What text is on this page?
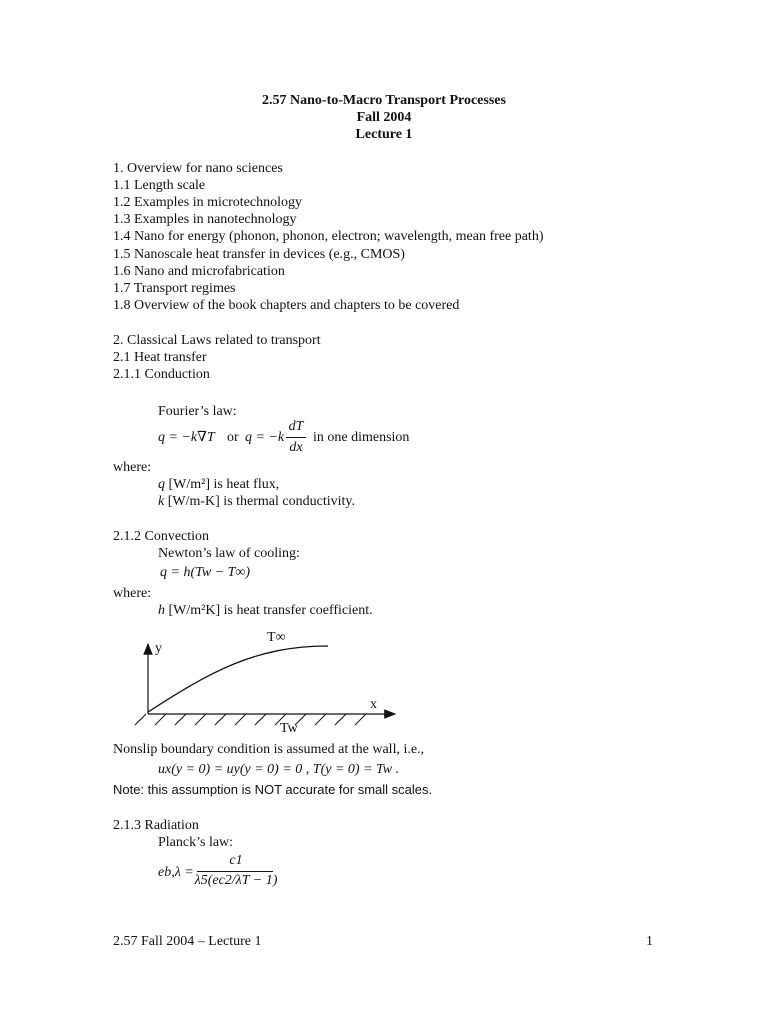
2.57 Nano-to-Macro Transport Processes
Fall 2004
Lecture 1
1. Overview for nano sciences
1.1 Length scale
1.2 Examples in microtechnology
1.3 Examples in nanotechnology
1.4 Nano for energy (phonon, phonon, electron; wavelength, mean free path)
1.5 Nanoscale heat transfer in devices (e.g., CMOS)
1.6 Nano and microfabrication
1.7 Transport regimes
1.8 Overview of the book chapters and chapters to be covered
2. Classical Laws related to transport
2.1 Heat transfer
2.1.1 Conduction
Fourier’s law:
q = −k∇T or q = −k
dT
dx
in one dimension
where:
q [W/m²] is heat flux,
k [W/m-K] is thermal conductivity.
2.1.2 Convection
Newton’s law of cooling:
q = h(Tw − T∞)
where:
h [W/m²K] is heat transfer coefficient.
y
x
T∞
Tw
Nonslip boundary condition is assumed at the wall, i.e.,
ux(y = 0) = uy(y = 0) = 0 , T(y = 0) = Tw .
Note: this assumption is NOT accurate for small scales.
2.1.3 Radiation
Planck’s law:
eb,λ =
c1
λ5(ec2/λT − 1)
2.57 Fall 2004 – Lecture 1	1
